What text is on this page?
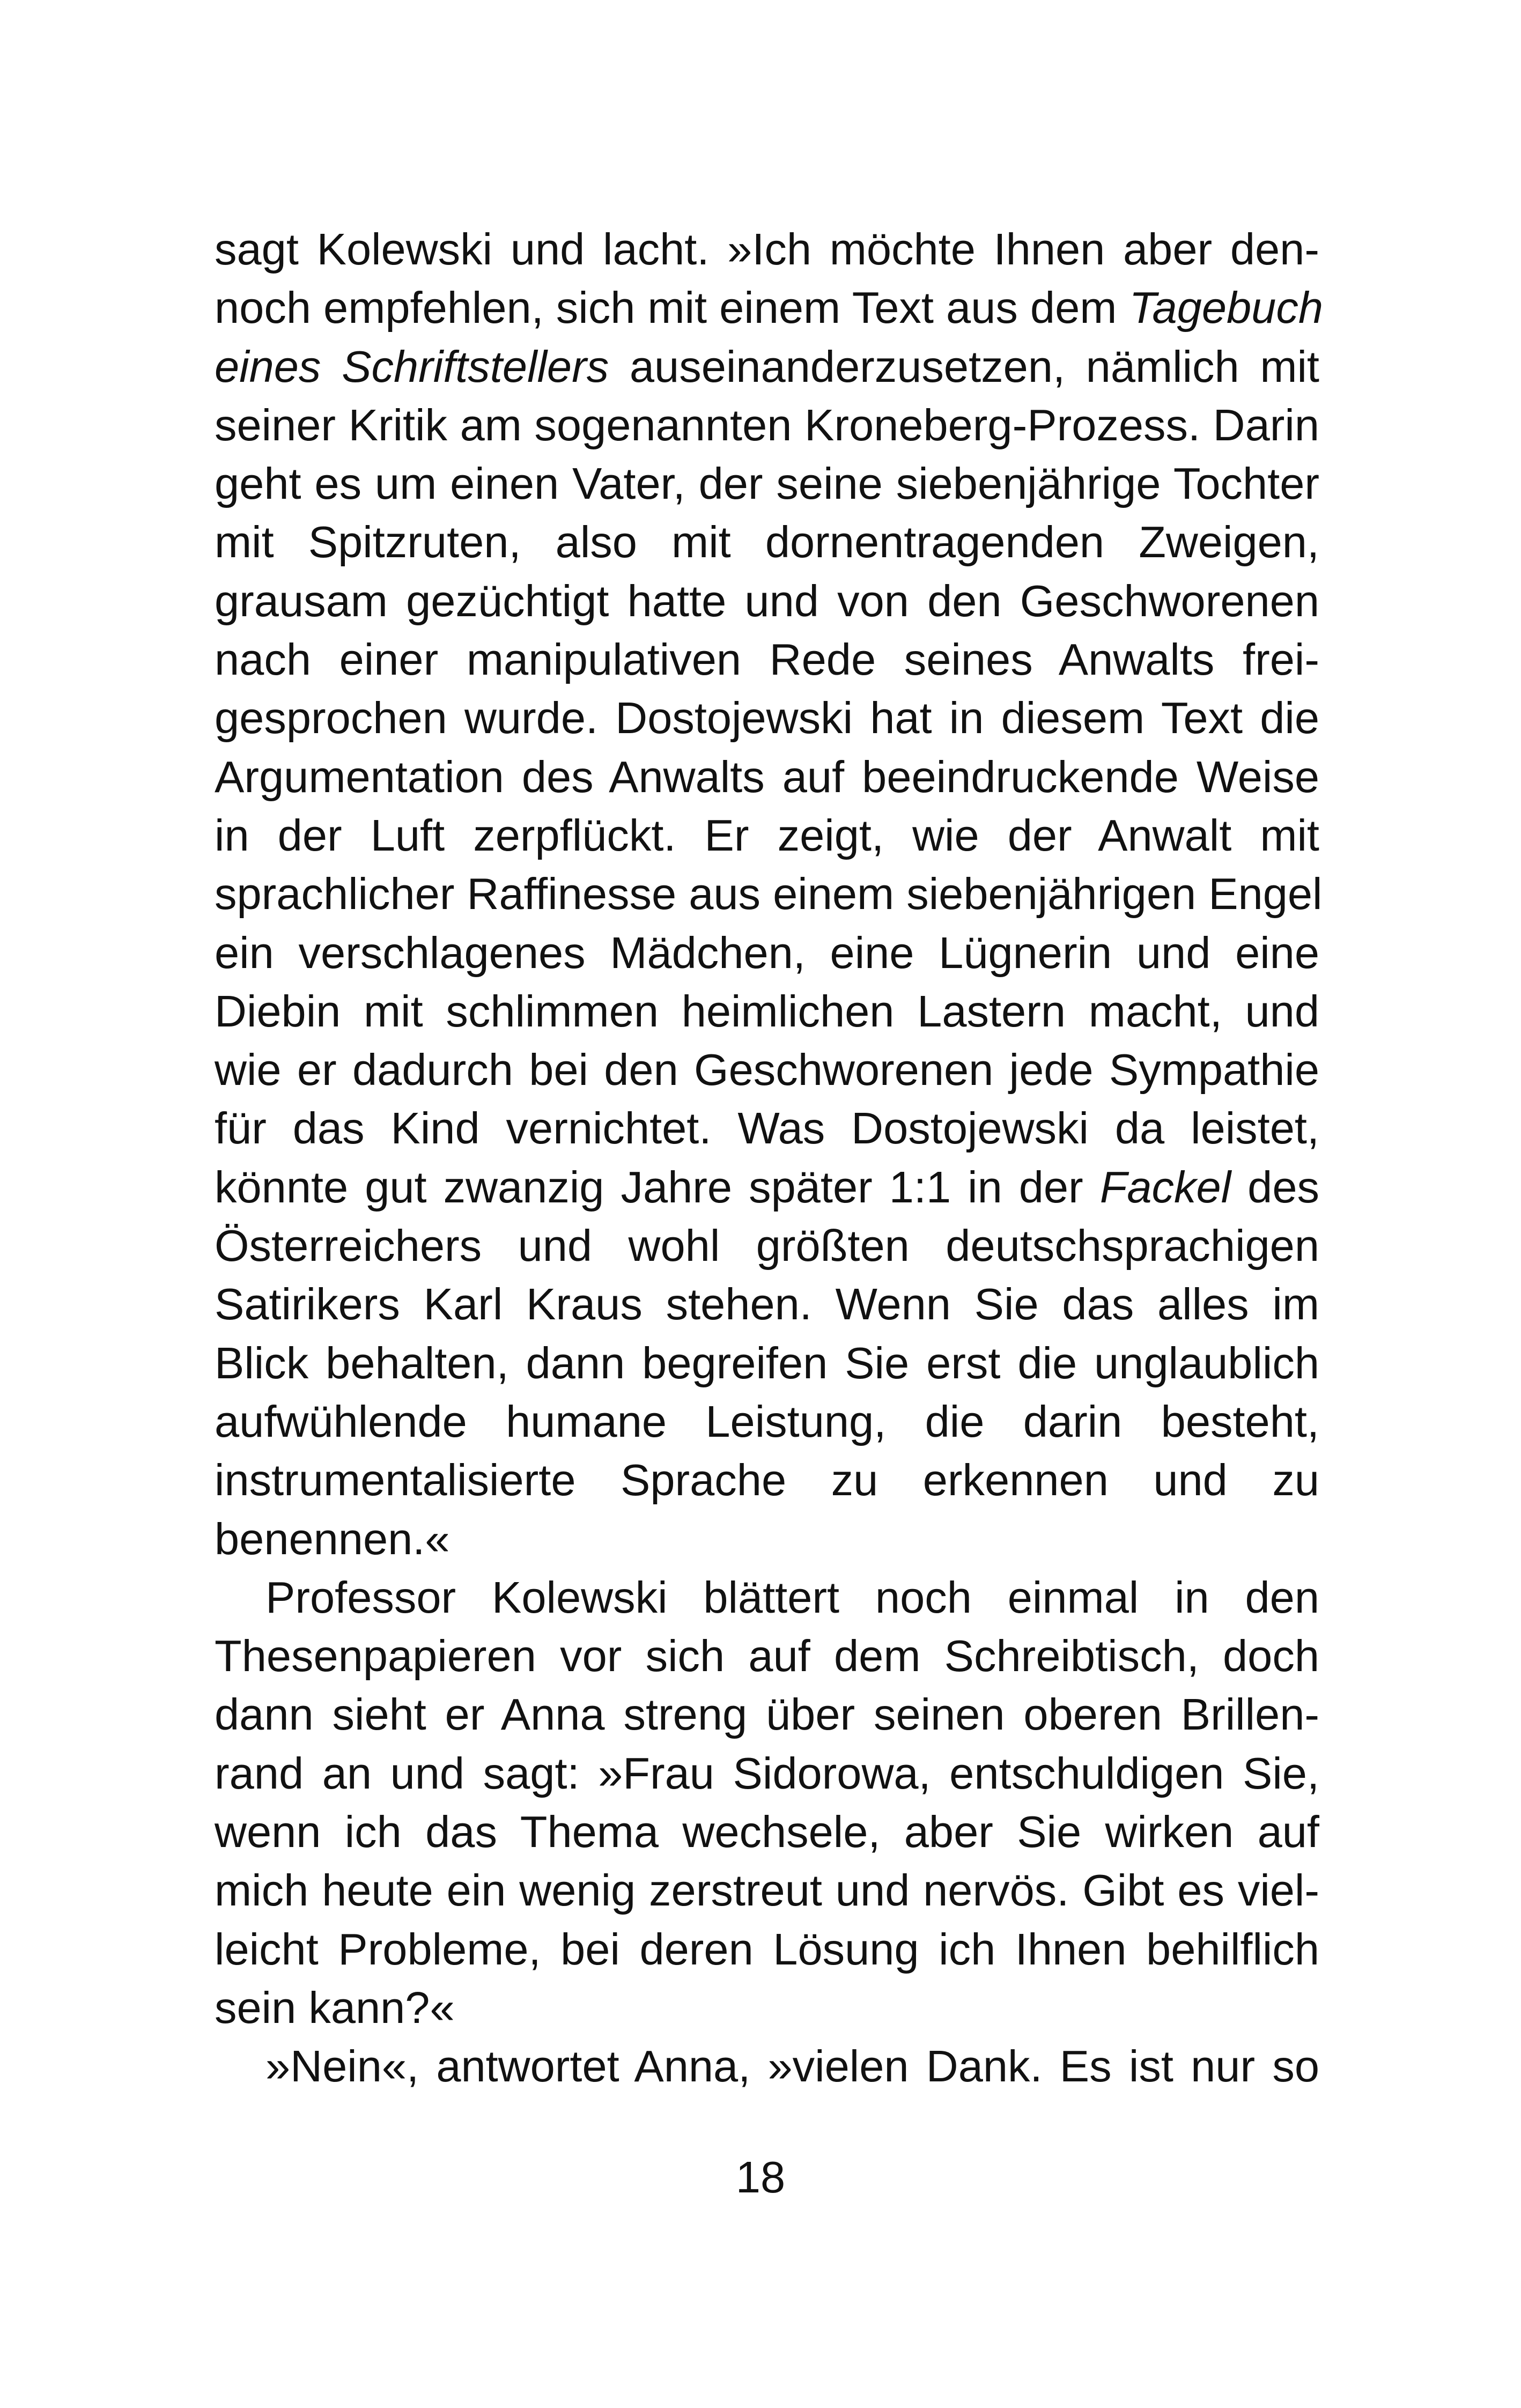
sagt Kolewski und lacht. »Ich möchte Ihnen aber den-
noch empfehlen, sich mit einem Text aus dem Tagebuch
eines Schriftstellers auseinanderzusetzen, nämlich mit
seiner Kritik am sogenannten Kroneberg-Prozess. Darin
geht es um einen Vater, der seine siebenjährige Tochter
mit Spitzruten, also mit dornentragenden Zweigen,
grausam gezüchtigt hatte und von den Geschworenen
nach einer manipulativen Rede seines Anwalts frei-
gesprochen wurde. Dostojewski hat in diesem Text die
Argumentation des Anwalts auf beeindruckende Weise
in der Luft zerpflückt. Er zeigt, wie der Anwalt mit
sprachlicher Raffinesse aus einem siebenjährigen Engel
ein verschlagenes Mädchen, eine Lügnerin und eine
Diebin mit schlimmen heimlichen Lastern macht, und
wie er dadurch bei den Geschworenen jede Sympathie
für das Kind vernichtet. Was Dostojewski da leistet,
könnte gut zwanzig Jahre später 1:1 in der Fackel des
Österreichers und wohl größten deutschsprachigen
Satirikers Karl Kraus stehen. Wenn Sie das alles im
Blick behalten, dann begreifen Sie erst die unglaublich
aufwühlende humane Leistung, die darin besteht,
instrumentalisierte Sprache zu erkennen und zu
benennen.«
Professor Kolewski blättert noch einmal in den
Thesenpapieren vor sich auf dem Schreibtisch, doch
dann sieht er Anna streng über seinen oberen Brillen-
rand an und sagt: »Frau Sidorowa, entschuldigen Sie,
wenn ich das Thema wechsele, aber Sie wirken auf
mich heute ein wenig zerstreut und nervös. Gibt es viel-
leicht Probleme, bei deren Lösung ich Ihnen behilflich
sein kann?«
»Nein«, antwortet Anna, »vielen Dank. Es ist nur so
18
